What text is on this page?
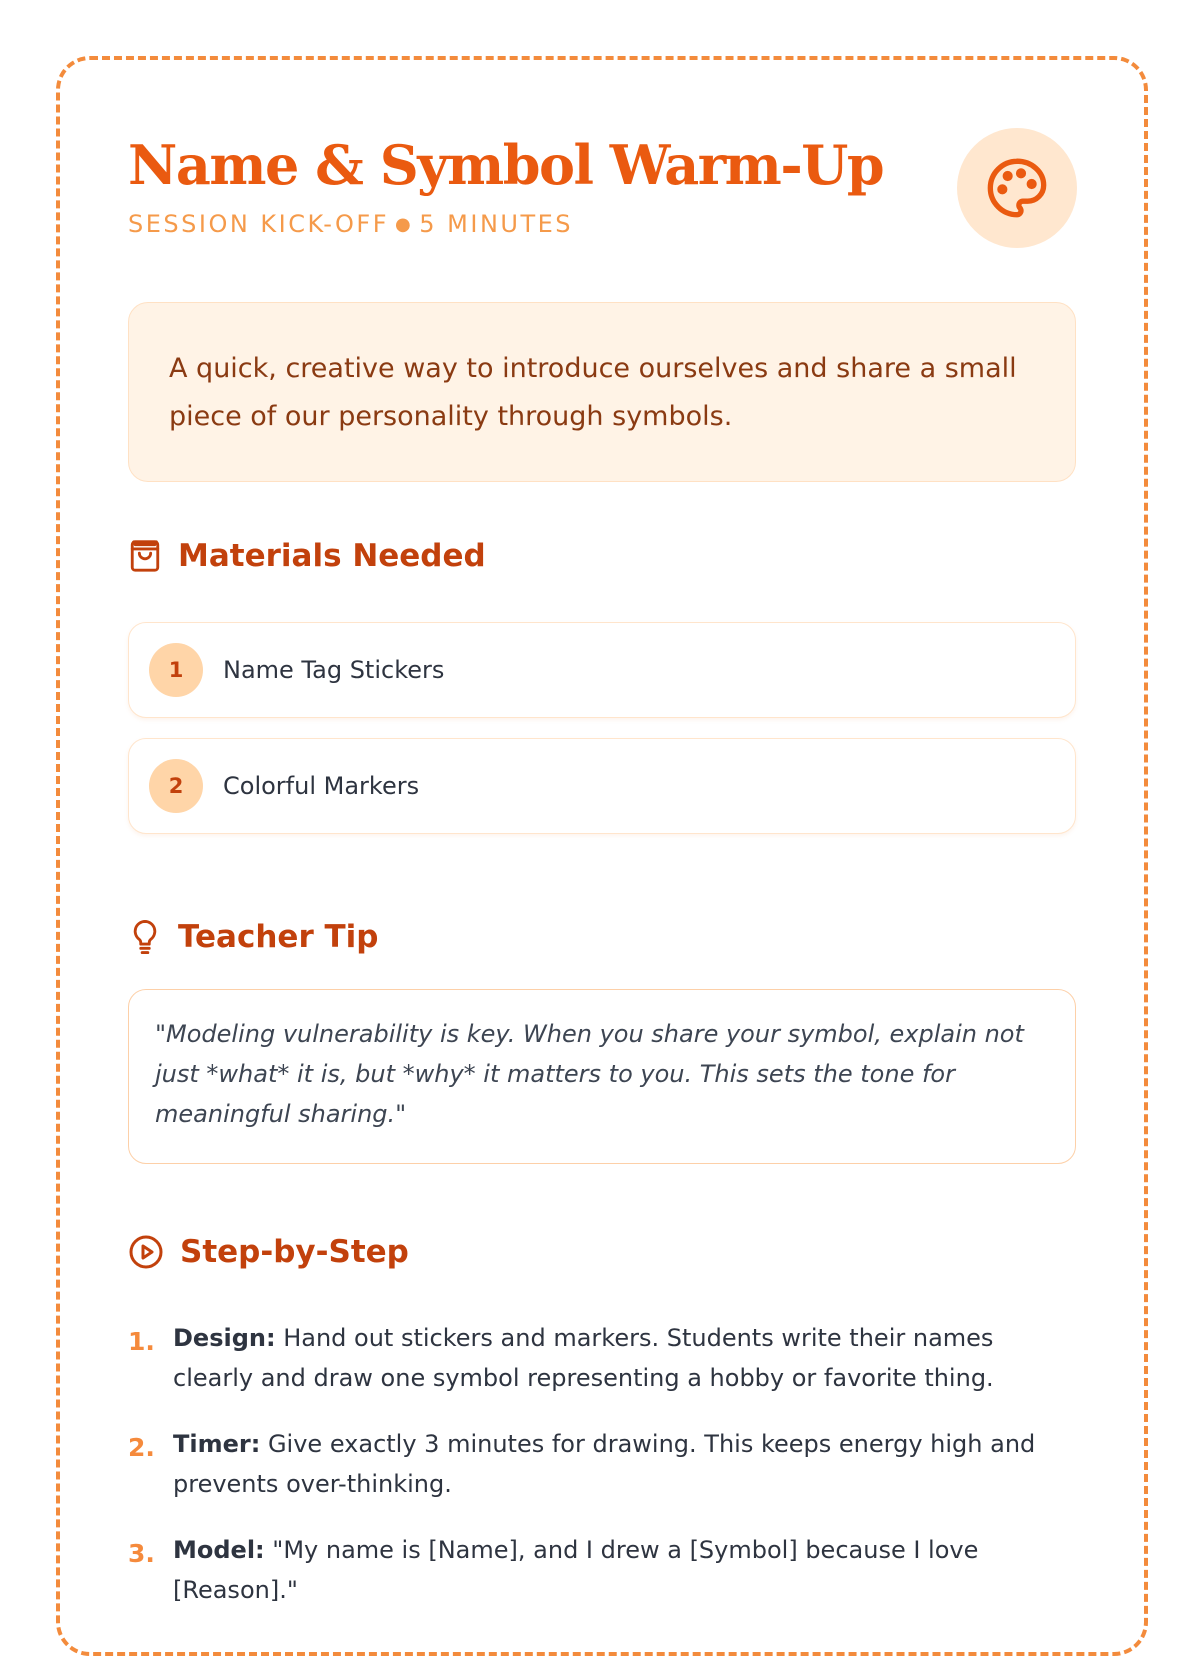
Name & Symbol Warm-Up
SESSION KICK-OFF ● 5 MINUTES
A quick, creative way to introduce ourselves and share a small piece of our personality through symbols.
Materials Needed
1	Name Tag Stickers
2	Colorful Markers
Teacher Tip
"Modeling vulnerability is key. When you share your symbol, explain not just *what* it is, but *why* it matters to you. This sets the tone for meaningful sharing."
Step-by-Step
1. Design: Hand out stickers and markers. Students write their names clearly and draw one symbol representing a hobby or favorite thing.
2. Timer: Give exactly 3 minutes for drawing. This keeps energy high and prevents over-thinking.
3. Model: "My name is [Name], and I drew a [Symbol] because I love [Reason]."
